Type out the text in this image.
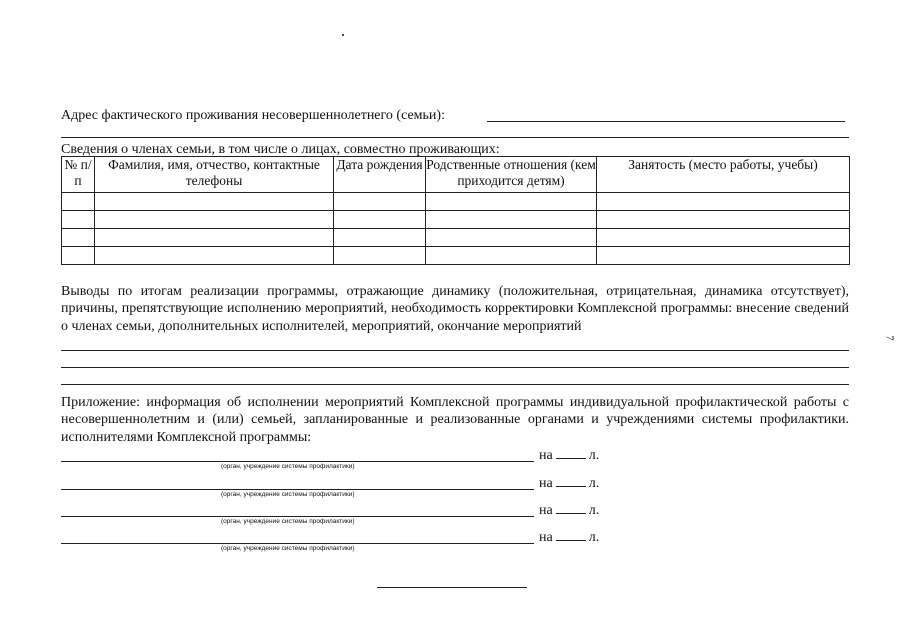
Адрес фактического проживания несовершеннолетнего (семьи):
Сведения о членах семьи, в том числе о лицах, совместно проживающих:
№ п/п	Фамилия, имя, отчество, контактные телефоны	Дата рождения	Родственные отношения (кем приходится детям)	Занятость (место работы, учебы)

Выводы по итогам реализации программы, отражающие динамику (положительная, отрицательная, динамика отсутствует), причины, препятствующие исполнению мероприятий, необходимость корректировки Комплексной программы: внесение сведений о членах семьи, дополнительных исполнителей, мероприятий, окончание мероприятий
7
Приложение: информация об исполнении мероприятий Комплексной программы индивидуальной профилактической работы с несовершеннолетним и (или) семьей, запланированные и реализованные органами и учреждениями системы профилактики. исполнителями Комплексной программы:
на	л.
(орган, учреждение системы профилактики)
на	л.
(орган, учреждение системы профилактики)
на	л.
(орган, учреждение системы профилактики)
на	л.
(орган, учреждение системы профилактики)
